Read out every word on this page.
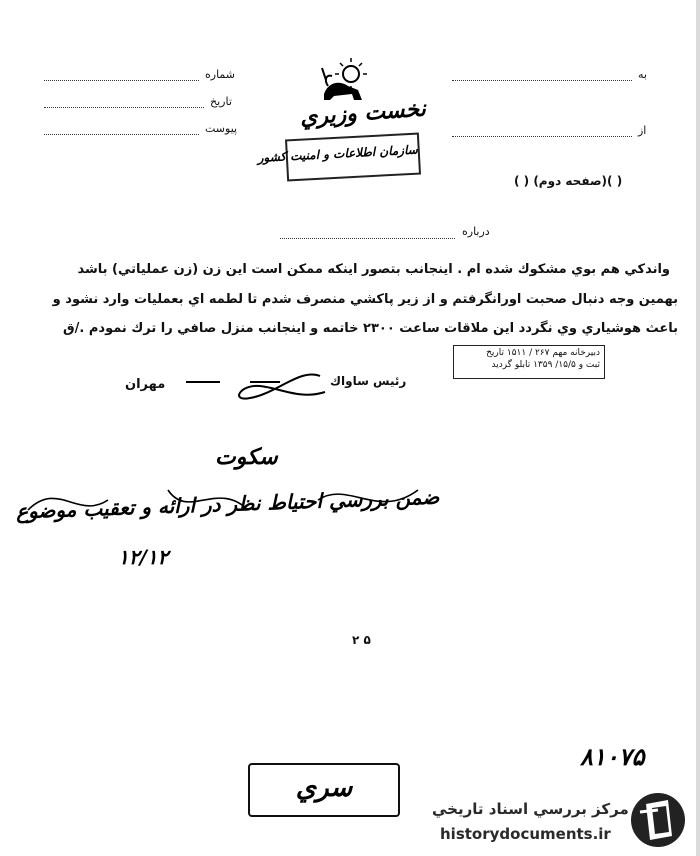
شماره
تاريخ
پيوست
به
از
نخست وزيري
سازمان اطلاعات و امنيت كشور
( )(صفحه دوم) ( )
درباره
واندكي هم بوي مشكوك شده ام . اينجانب بتصور اينكه ممكن است اين زن (زن عملياتي) باشد
بهمين وجه دنبال صحبت اورانگرفتم و از زير پاكشي منصرف شدم تا لطمه اي بعمليات وارد نشود و
باعث هوشياري وي نگردد اين ملاقات ساعت ۲۳۰۰ خاتمه و اينجانب منزل صافي را ترك نمودم ./ق
دبيرخانه مهم ۲۶۷ / ۱۵۱۱ تاريخ
ثبت و ۱۵/۵/ ۱۳۵۹ تابلو گرديد
رئيس ساواك
مهران
سكوت
ضمن بررسي احتياط نظر در ارائه و تعقيب موضوع
۱۲/۱۲
۲ ۵
۸۱۰۷۵
سري
مركز بررسي اسناد تاريخي
historydocuments.ir
